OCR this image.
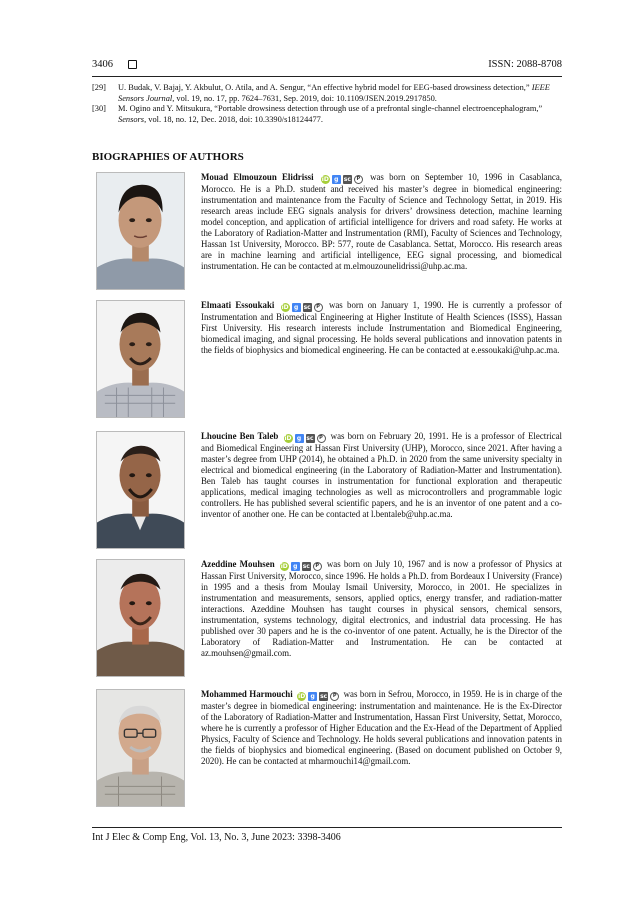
3406	ISSN: 2088-8708
[29]	U. Budak, V. Bajaj, Y. Akbulut, O. Atila, and A. Sengur, “An effective hybrid model for EEG-based drowsiness detection,” IEEE Sensors Journal, vol. 19, no. 17, pp. 7624–7631, Sep. 2019, doi: 10.1109/JSEN.2019.2917850.
[30]	M. Ogino and Y. Mitsukura, “Portable drowsiness detection through use of a prefrontal single-channel electroencephalogram,” Sensors, vol. 18, no. 12, Dec. 2018, doi: 10.3390/s18124477.
BIOGRAPHIES OF AUTHORS
Mouad Elmouzoun Elidrissi iD g sc	P	was born on September 10, 1996 in Casablanca, Morocco. He is a Ph.D. student and received his master’s degree in biomedical engineering: instrumentation and maintenance from the Faculty of Science and Technology Settat, in 2019. His research areas include EEG signals analysis for drivers’ drowsiness detection, machine learning model conception, and application of artificial intelligence for drivers and road safety. He works at the Laboratory of Radiation-Matter and Instrumentation (RMI), Faculty of Sciences and Technology, Hassan 1st University, Morocco. BP: 577, route de Casablanca. Settat, Morocco. His research areas are in machine learning and artificial intelligence, EEG signal processing, and biomedical instrumentation. He can be contacted at m.elmouzounelidrissi@uhp.ac.ma.
Elmaati Essoukaki iD g sc	P	was born on January 1, 1990. He is currently a professor of Instrumentation and Biomedical Engineering at Higher Institute of Health Sciences (ISSS), Hassan First University. His research interests include Instrumentation and Biomedical Engineering, biomedical imaging, and signal processing. He holds several publications and innovation patents in the fields of biophysics and biomedical engineering. He can be contacted at e.essoukaki@uhp.ac.ma.
Lhoucine Ben Taleb iD g sc	P was born on February 20, 1991. He is a professor of Electrical and Biomedical Engineering at Hassan First University (UHP), Morocco, since 2021. After having a master’s degree from UHP (2014), he obtained a Ph.D. in 2020 from the same university specialty in electrical and biomedical engineering (in the Laboratory of Radiation-Matter and Instrumentation). Ben Taleb has taught courses in instrumentation for functional exploration and therapeutic applications, medical imaging technologies as well as microcontrollers and programmable logic controllers. He has published several scientific papers, and he is an inventor of one patent and a co-inventor of another one. He can be contacted at l.bentaleb@uhp.ac.ma.
Azeddine Mouhsen iD g sc	P was born on July 10, 1967 and is now a professor of Physics at Hassan First University, Morocco, since 1996. He holds a Ph.D. from Bordeaux I University (France) in 1995 and a thesis from Moulay Ismail University, Morocco, in 2001. He specializes in instrumentation and measurements, sensors, applied optics, energy transfer, and radiation-matter interactions. Azeddine Mouhsen has taught courses in physical sensors, chemical sensors, instrumentation, systems technology, digital electronics, and industrial data processing. He has published over 30 papers and he is the co-inventor of one patent. Actually, he is the Director of the Laboratory of Radiation-Matter and Instrumentation. He can be contacted at az.mouhsen@gmail.com.
Mohammed Harmouchi iD g sc	P was born in Sefrou, Morocco, in 1959. He is in charge of the master’s degree in biomedical engineering: instrumentation and maintenance. He is the Ex-Director of the Laboratory of Radiation-Matter and Instrumentation, Hassan First University, Settat, Morocco, where he is currently a professor of Higher Education and the Ex-Head of the Department of Applied Physics, Faculty of Science and Technology. He holds several publications and innovation patents in the fields of biophysics and biomedical engineering. (Based on document published on October 9, 2020). He can be contacted at mharmouchi14@gmail.com.
Int J Elec & Comp Eng, Vol. 13, No. 3, June 2023: 3398-3406
